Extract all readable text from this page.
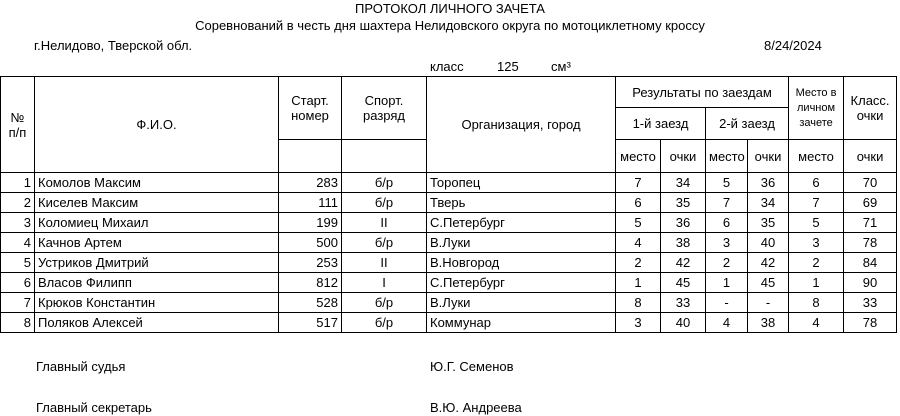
ПРОТОКОЛ ЛИЧНОГО ЗАЧЕТА
Соревнований в честь дня шахтера Нелидовского округа по мотоциклетному кроссу
г.Нелидово, Тверской обл.	8/24/2024
класс	125 см³
№ п/п	Ф.И.О.	Старт. номер	Спорт. разряд	Организация, город	Результаты по заездам				Место в личном зачете	Класс. очки
					1-й заезд		2-й заезд			
					место	очки	место	очки	место	очки
1	Комолов Максим	283	б/р	Торопец	7	34	5	36	6	70
2	Киселев Максим	111	б/р	Тверь	6	35	7	34	7	69
3	Коломиец Михаил	199	II	С.Петербург	5	36	6	35	5	71
4	Качнов Артем	500	б/р	В.Луки	4	38	3	40	3	78
5	Устриков Дмитрий	253	II	В.Новгород	2	42	2	42	2	84
6	Власов Филипп	812	I	С.Петербург	1	45	1	45	1	90
7	Крюков Константин	528	б/р	В.Луки	8	33	-	-	8	33
8	Поляков Алексей	517	б/р	Коммунар	3	40	4	38	4	78
Главный судья	Ю.Г. Семенов
Главный секретарь	В.Ю. Андреева
